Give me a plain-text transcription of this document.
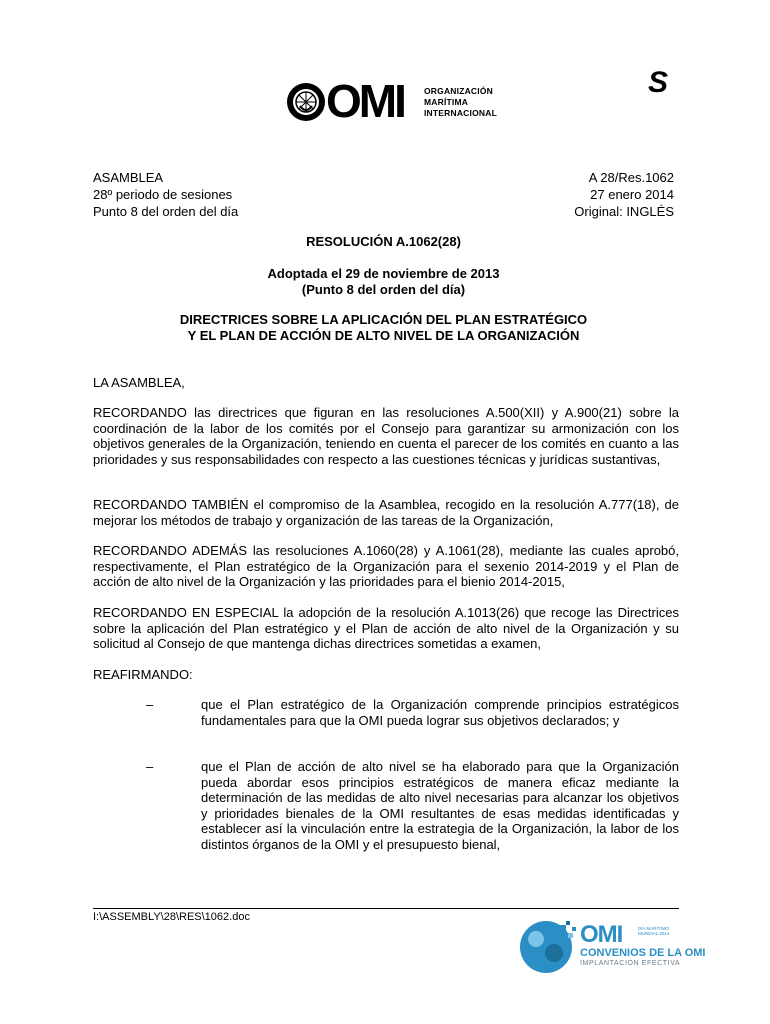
S
OMI ORGANIZACIÓN
MARÍTIMA
INTERNACIONAL
ASAMBLEA
28º periodo de sesiones
Punto 8 del orden del día
A 28/Res.1062
27 enero 2014
Original: INGLÉS
RESOLUCIÓN A.1062(28)
Adoptada el 29 de noviembre de 2013
(Punto 8 del orden del día)
DIRECTRICES SOBRE LA APLICACIÓN DEL PLAN ESTRATÉGICO
Y EL PLAN DE ACCIÓN DE ALTO NIVEL DE LA ORGANIZACIÓN
LA ASAMBLEA,

RECORDANDO las directrices que figuran en las resoluciones A.500(XII) y A.900(21) sobre la coordinación de la labor de los comités por el Consejo para garantizar su armonización con los objetivos generales de la Organización, teniendo en cuenta el parecer de los comités en cuanto a las prioridades y sus responsabilidades con respecto a las cuestiones técnicas y jurídicas sustantivas,

RECORDANDO TAMBIÉN el compromiso de la Asamblea, recogido en la resolución A.777(18), de mejorar los métodos de trabajo y organización de las tareas de la Organización,

RECORDANDO ADEMÁS las resoluciones A.1060(28) y A.1061(28), mediante las cuales aprobó, respectivamente, el Plan estratégico de la Organización para el sexenio 2014-2019 y el Plan de acción de alto nivel de la Organización y las prioridades para el bienio 2014-2015,

RECORDANDO EN ESPECIAL la adopción de la resolución A.1013(26) que recoge las Directrices sobre la aplicación del Plan estratégico y el Plan de acción de alto nivel de la Organización y su solicitud al Consejo de que mantenga dichas directrices sometidas a examen,

REAFIRMANDO:
–	que el Plan estratégico de la Organización comprende principios estratégicos fundamentales para que la OMI pueda lograr sus objetivos declarados; y

–	que el Plan de acción de alto nivel se ha elaborado para que la Organización pueda abordar esos principios estratégicos de manera eficaz mediante la determinación de las medidas de alto nivel necesarias para alcanzar los objetivos y prioridades bienales de la OMI resultantes de esas medidas identificadas y establecer así la vinculación entre la estrategia de la Organización, la labor de los distintos órganos de la OMI y el presupuesto bienal,

I:\ASSEMBLY\28\RES\1062.doc
OMI	DÍA MARÍTIMO MUNDIAL 2014
CONVENIOS DE LA OMI
IMPLANTACIÓN EFECTIVA
